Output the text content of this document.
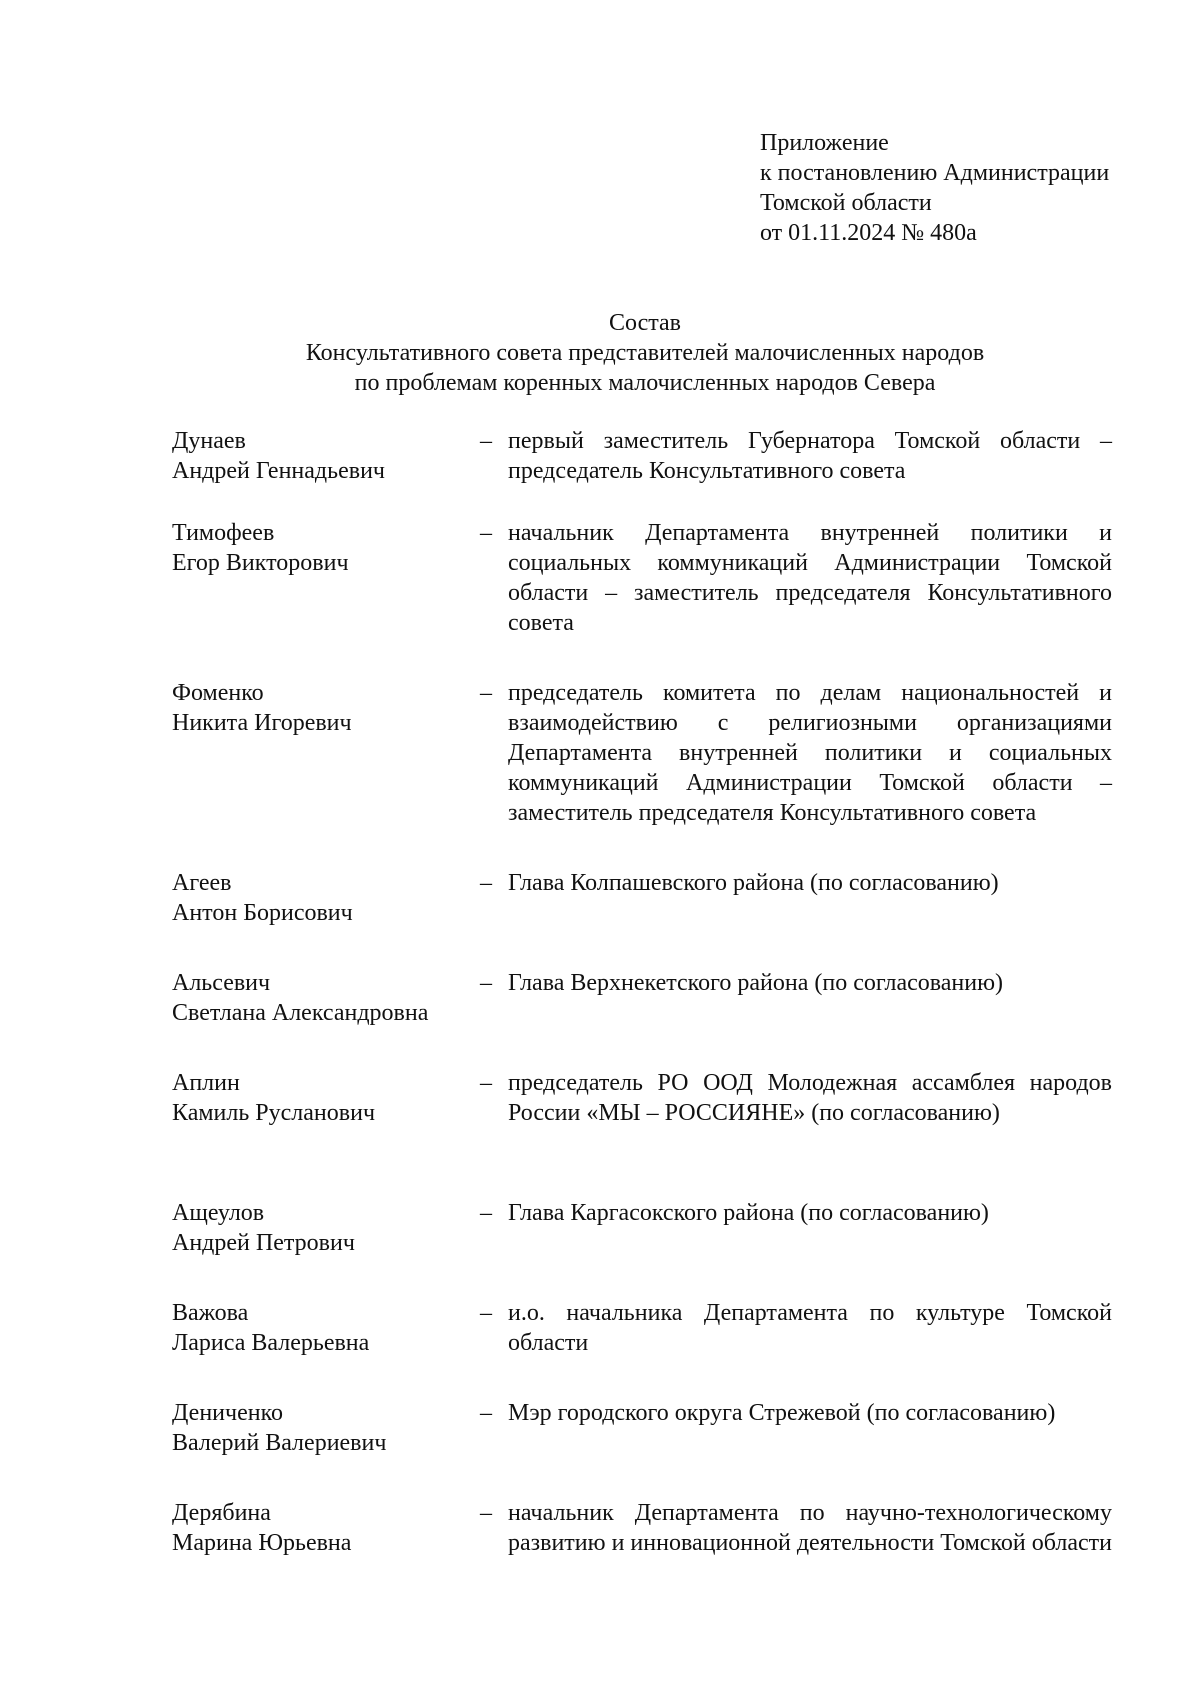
Приложение
к постановлению Администрации
Томской области
от 01.11.2024 № 480а
Состав
Консультативного совета представителей малочисленных народов
по проблемам коренных малочисленных народов Севера
Дунаев
Андрей Геннадьевич
– первый заместитель Губернатора Томской области – председатель Консультативного совета
Тимофеев
Егор Викторович
– начальник Департамента внутренней политики и социальных коммуникаций Администрации Томской области – заместитель председателя Консультативного совета
Фоменко
Никита Игоревич
– председатель комитета по делам национальностей и взаимодействию с религиозными организациями Департамента внутренней политики и социальных коммуникаций Администрации Томской области – заместитель председателя Консультативного совета
Агеев
Антон Борисович
– Глава Колпашевского района (по согласованию)
Альсевич
Светлана Александровна
– Глава Верхнекетского района (по согласованию)
Аплин
Камиль Русланович
– председатель РО ООД Молодежная ассамблея народов России «МЫ – РОССИЯНЕ» (по согласованию)
Ащеулов
Андрей Петрович
– Глава Каргасокского района (по согласованию)
Важова
Лариса Валерьевна
– и.о. начальника Департамента по культуре Томской области
Дениченко
Валерий Валериевич
– Мэр городского округа Стрежевой (по согласованию)
Дерябина
Марина Юрьевна
– начальник Департамента по научно-технологическому развитию и инновационной деятельности Томской области
